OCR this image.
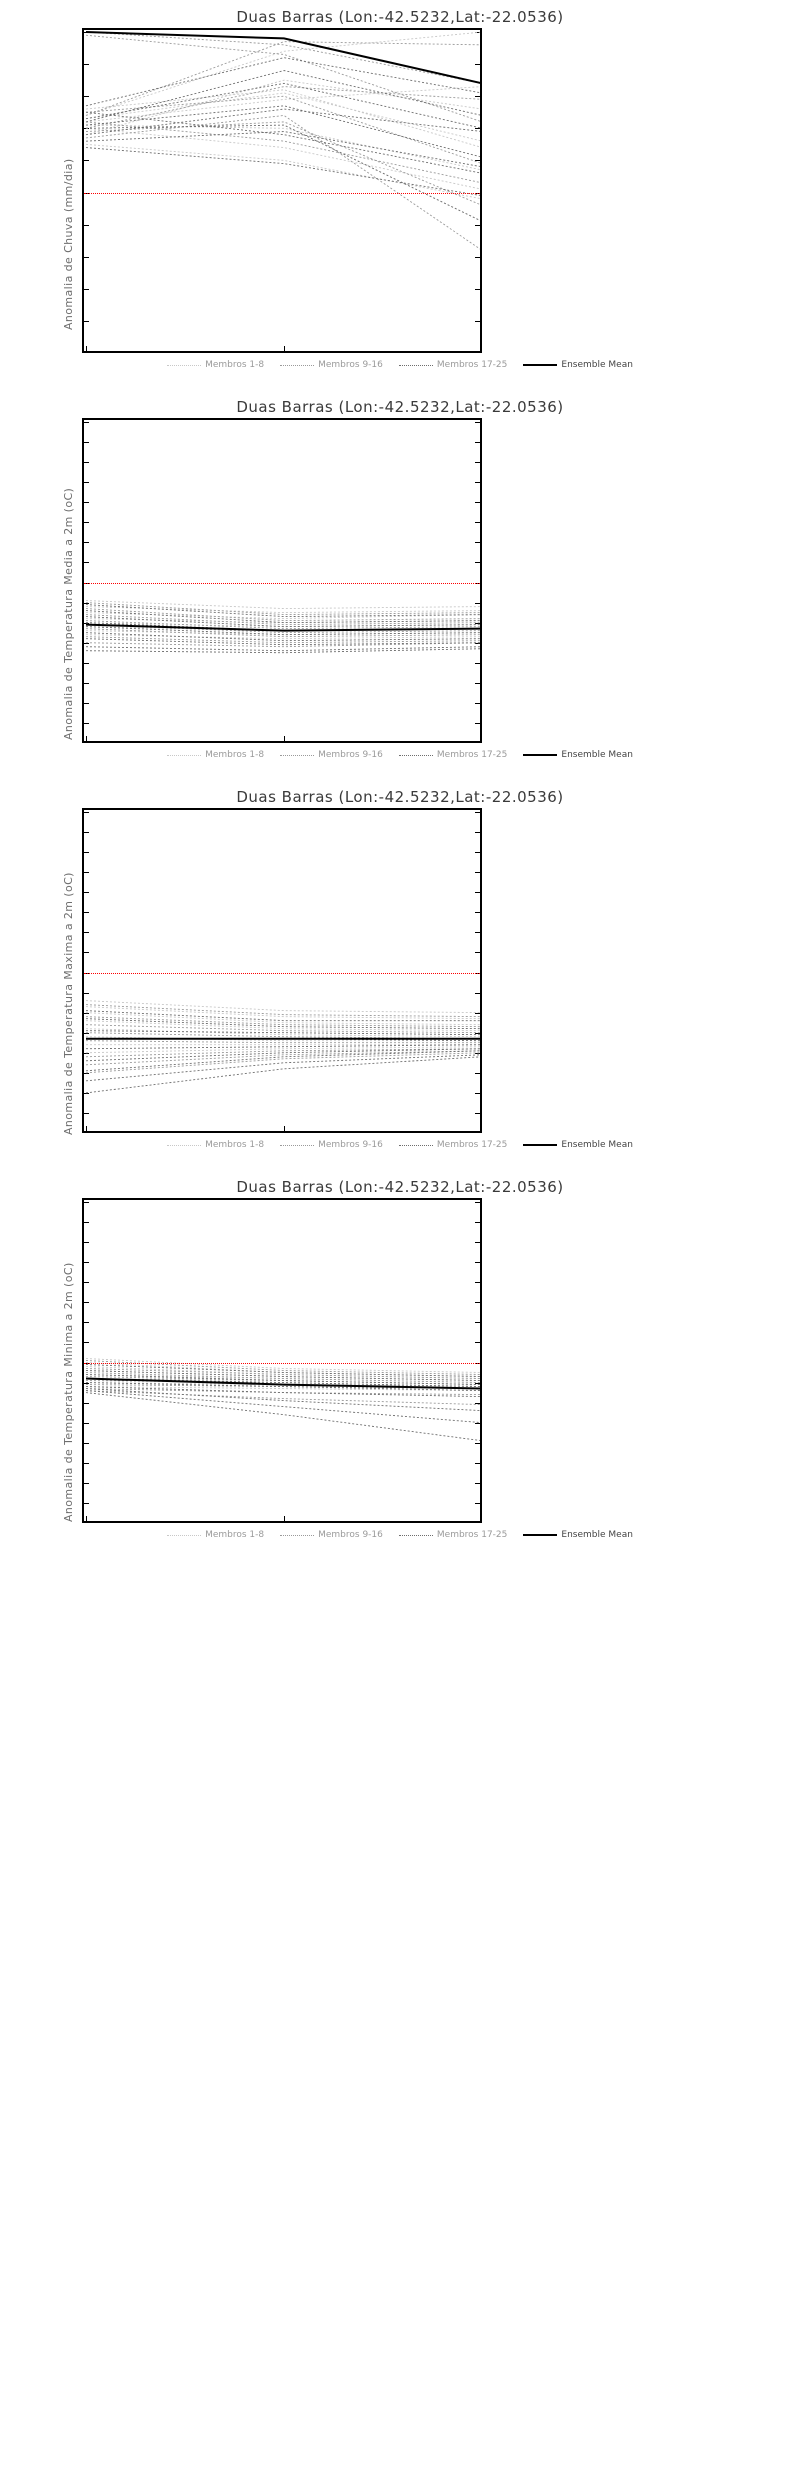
Duas Barras (Lon:-42.5232,Lat:-22.0536)
Anomalia de Chuva (mm/dia)
Membros 1-8	Membros 9-16	Membros 17-25	Ensemble Mean
Duas Barras (Lon:-42.5232,Lat:-22.0536)
Anomalia de Temperatura Media a 2m (oC)
Membros 1-8	Membros 9-16	Membros 17-25	Ensemble Mean
Duas Barras (Lon:-42.5232,Lat:-22.0536)
Anomalia de Temperatura Maxima a 2m (oC)
Membros 1-8	Membros 9-16	Membros 17-25	Ensemble Mean
Duas Barras (Lon:-42.5232,Lat:-22.0536)
Anomalia de Temperatura Minima a 2m (oC)
Membros 1-8	Membros 9-16	Membros 17-25	Ensemble Mean
